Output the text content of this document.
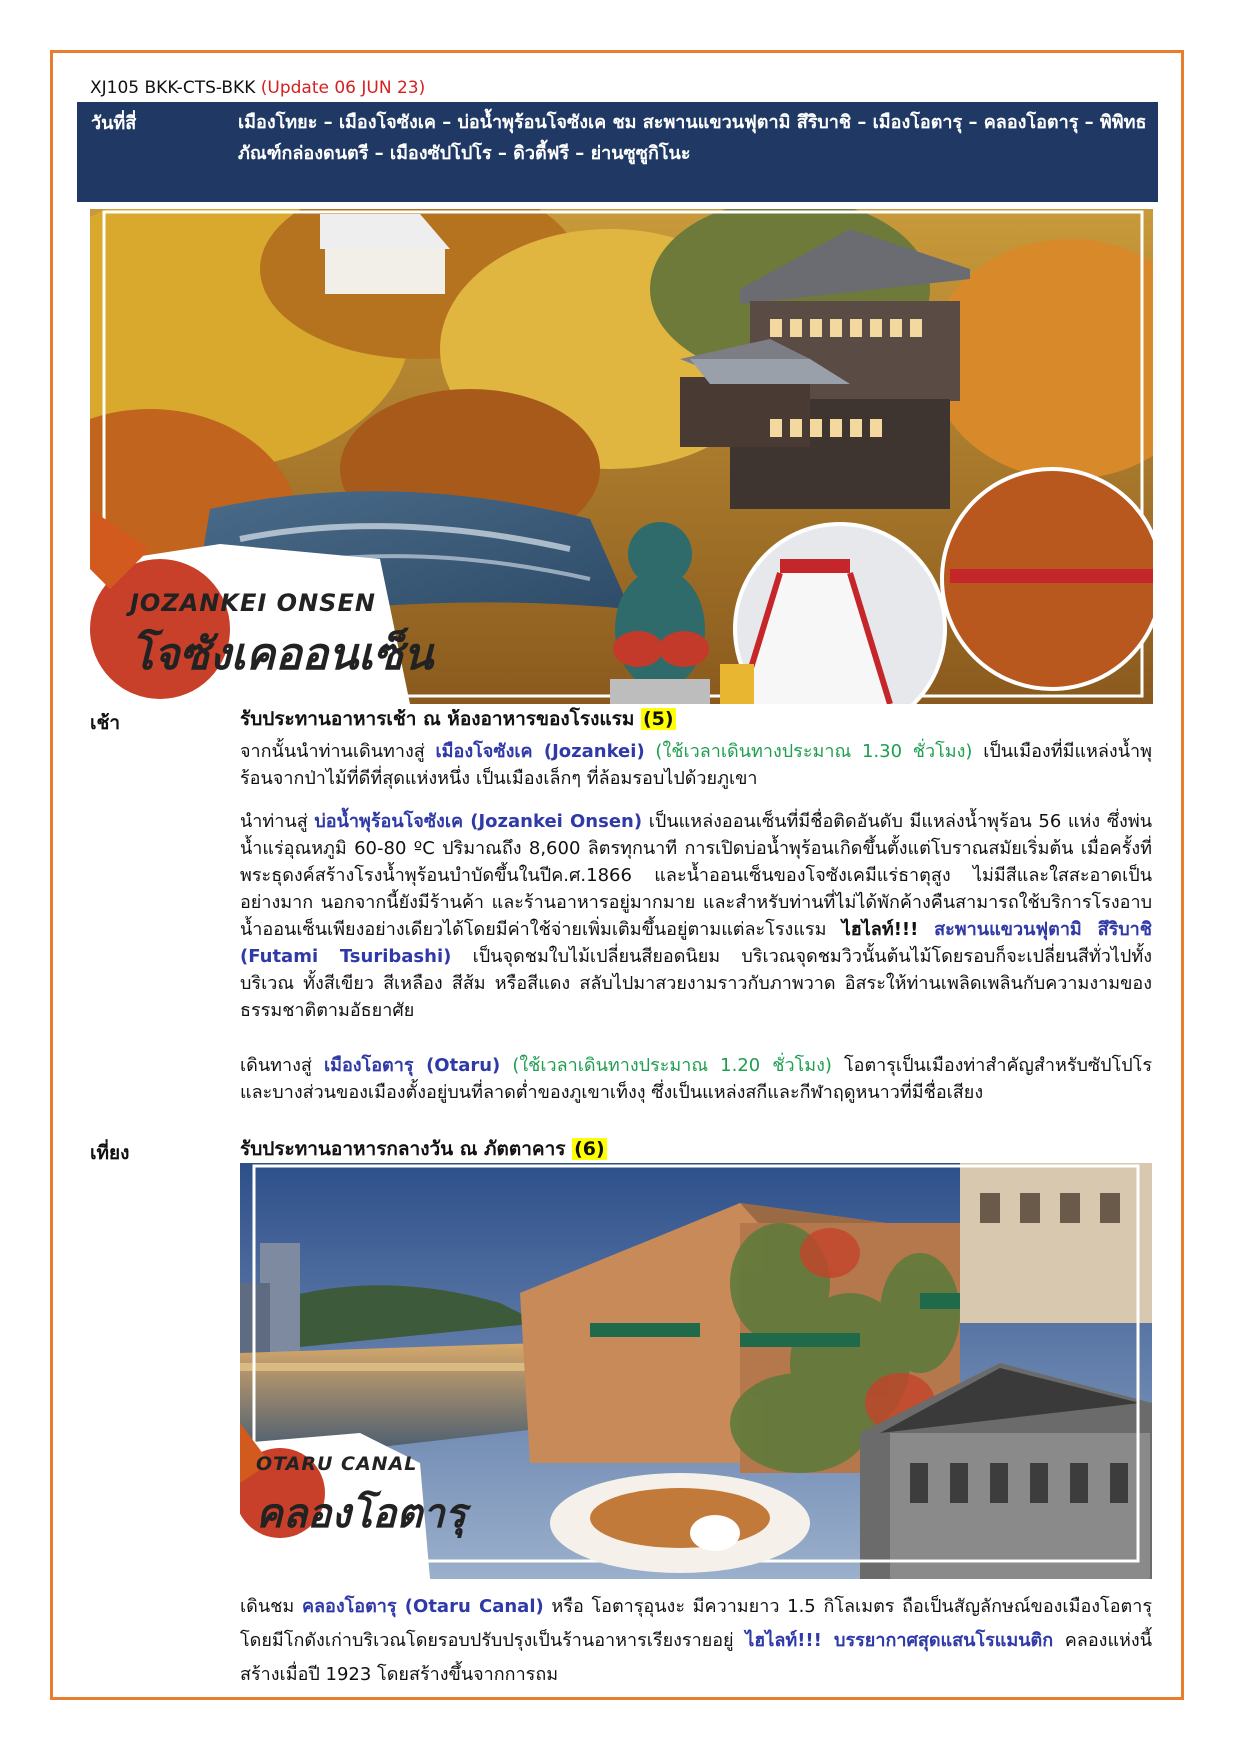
XJ105 BKK-CTS-BKK (Update 06 JUN 23)
วันที่สี่	เมืองโทยะ – เมืองโจซังเค – บ่อน้ำพุร้อนโจซังเค ชม สะพานแขวนฟุตามิ สึริบาชิ – เมืองโอตารุ – คลองโอตารุ – พิพิทธภัณฑ์กล่องดนตรี – เมืองซัปโปโร – ดิวตี้ฟรี – ย่านซูซูกิโนะ
JOZANKEI ONSEN
โจซังเคออนเซ็น
เช้า	รับประทานอาหารเช้า ณ ห้องอาหารของโรงแรม (5)
จากนั้นนำท่านเดินทางสู่ เมืองโจซังเค (Jozankei) (ใช้เวลาเดินทางประมาณ 1.30 ชั่วโมง) เป็นเมืองที่มีแหล่งน้ำพุร้อนจากป่าไม้ที่ดีที่สุดแห่งหนึ่ง เป็นเมืองเล็กๆ ที่ล้อมรอบไปด้วยภูเขา
นำท่านสู่ บ่อน้ำพุร้อนโจซังเค (Jozankei Onsen) เป็นแหล่งออนเซ็นที่มีชื่อติดอันดับ มีแหล่งน้ำพุร้อน 56 แห่ง ซึ่งพ่นน้ำแร่อุณหภูมิ 60-80 ºC ปริมาณถึง 8,600 ลิตรทุกนาที การเปิดบ่อน้ำพุร้อนเกิดขึ้นตั้งแต่โบราณสมัยเริ่มต้น เมื่อครั้งที่พระธุดงค์สร้างโรงน้ำพุร้อนบำบัดขึ้นในปีค.ศ.1866 และน้ำออนเซ็นของโจซังเคมีแร่ธาตุสูง ไม่มีสีและใสสะอาดเป็นอย่างมาก นอกจากนี้ยังมีร้านค้า และร้านอาหารอยู่มากมาย และสำหรับท่านที่ไม่ได้พักค้างคืนสามารถใช้บริการโรงอาบน้ำออนเซ็นเพียงอย่างเดียวได้โดยมีค่าใช้จ่ายเพิ่มเติมขึ้นอยู่ตามแต่ละโรงแรม ไฮไลท์!!! สะพานแขวนฟุตามิ สึริบาชิ (Futami Tsuribashi) เป็นจุดชมใบไม้เปลี่ยนสียอดนิยม บริเวณจุดชมวิวนั้นต้นไม้โดยรอบก็จะเปลี่ยนสีทั่วไปทั้งบริเวณ ทั้งสีเขียว สีเหลือง สีส้ม หรือสีแดง สลับไปมาสวยงามราวกับภาพวาด อิสระให้ท่านเพลิดเพลินกับความงามของธรรมชาติตามอัธยาศัย
เดินทางสู่ เมืองโอตารุ (Otaru) (ใช้เวลาเดินทางประมาณ 1.20 ชั่วโมง) โอตารุเป็นเมืองท่าสำคัญสำหรับซัปโปโร และบางส่วนของเมืองตั้งอยู่บนที่ลาดต่ำของภูเขาเท็งงุ ซึ่งเป็นแหล่งสกีและกีฬาฤดูหนาวที่มีชื่อเสียง
เที่ยง	รับประทานอาหารกลางวัน ณ ภัตตาคาร (6)
OTARU CANAL
คลองโอตารุ
เดินชม คลองโอตารุ (Otaru Canal) หรือ โอตารุอุนงะ มีความยาว 1.5 กิโลเมตร ถือเป็นสัญลักษณ์ของเมืองโอตารุ โดยมีโกดังเก่าบริเวณโดยรอบปรับปรุงเป็นร้านอาหารเรียงรายอยู่ ไฮไลท์!!! บรรยากาศสุดแสนโรแมนติก คลองแห่งนี้สร้างเมื่อปี 1923 โดยสร้างขึ้นจากการถม
